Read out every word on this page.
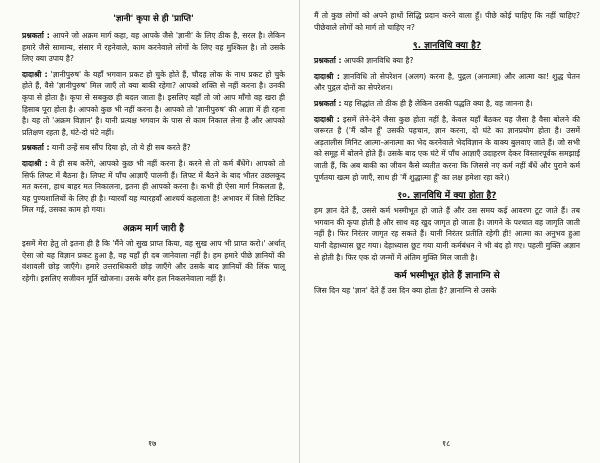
'ज्ञानी' कृपा से ही 'प्राप्ति'

प्रश्नकर्ता : आपने जो अक्रम मार्ग कहा, वह आपके जैसे 'ज्ञानी' के लिए ठीक है, सरल है। लेकिन हमारे जैसे सामान्य, संसार में रहनेवाले, काम करनेवाले लोगों के लिए वह मुश्किल है। तो उसके लिए क्या उपाय है?

दादाश्री : 'ज्ञानीपुरुष' के यहाँ भगवान प्रकट हो चुके होते हैं, चौदह लोक के नाथ प्रकट हो चुके होते हैं, वैसे 'ज्ञानीपुरुष' मिल जाएँ तो क्या बाकी रहेगा? आपको शक्ति से नहीं करना है। उनकी कृपा से होता है। कृपा से सबकुछ ही बदल जाता है। इसलिए यहाँ तो जो आप माँगो वह खरा ही हिसाब पूरा होता है। आपको कुछ भी नहीं करना है। आपको तो 'ज्ञानीपुरुष' की आज्ञा में ही रहना है। यह तो 'अक्रम विज्ञान' है। यानी प्रत्यक्ष भगवान के पास से काम निकाल लेना है और आपको प्रतिक्षण रहता है, घंटे-दो घंटे नहीं।

प्रश्नकर्ता : यानी उन्हें सब सौंप दिया हो, तो ये ही सब करते हैं?

दादाश्री : वे ही सब करेंगे, आपको कुछ भी नहीं करना है। करने से तो कर्म बँधेंगे। आपको तो सिर्फ लिफ्ट में बैठना है। लिफ्ट में पाँच आज्ञाएँ पालनी हैं। लिफ्ट में बैठने के बाद भीतर उछलकूद मत करना, हाथ बाहर मत निकालना, इतना ही आपको करना है। कभी ही ऐसा मार्ग निकलता है, यह पुण्यशालियों के लिए ही है। ग्यारवाँ यह ग्यारहवाँ आश्चर्य कहलाता है! अभावर में जिसे टिकिट मिल गई, उसका काम हो गया।

अक्रम मार्ग जारी है

इसमें मेरा हेतु तो इतना ही है कि 'मैंने जो सुख प्राप्त किया, वह सुख आप भी प्राप्त करो।' अर्थात् ऐसा जो यह विज्ञान प्रकट हुआ है, वह यहाँ ही दब जानेवाला नहीं है। हम हमारे पीछे ज्ञानियों की वंशावली छोड़ जाएँगे। हमारे उत्तराधिकारी छोड़ जाएँगे और उसके बाद ज्ञानियों की लिंक चालू रहेगी। इसलिए सजीवन मूर्ति खोजना। उसके बगैर हल निकलनेवाला नहीं है।

१७

मैं तो कुछ लोगों को अपने हाथों सिद्धि प्रदान करने वाला हूँ। पीछे कोई चाहिए कि नहीं चाहिए? पीछेवाले लोगों को मार्ग तो चाहिए न?

९. ज्ञानविधि क्या है?

प्रश्नकर्ता : आपकी ज्ञानविधि क्या है?

दादाश्री : ज्ञानविधि तो सेपरेशन (अलग) करना है, पुद्गल (अनात्मा) और आत्मा का! शुद्ध चेतन और पुद्गल दोनों का सेपरेशन।

प्रश्नकर्ता : यह सिद्धांत तो ठीक ही है लेकिन उसकी पद्धति क्या है, वह जानना है।

दादाश्री : इसमें लेने-देने जैसा कुछ होता नहीं है, केवल यहाँ बैठकर यह जैसा है वैसा बोलने की जरूरत है ('मैं कौन हूँ' उसकी पहचान, ज्ञान करना, दो घंटे का ज्ञानप्रयोग होता है। उसमें अड़तालीस मिनिट आत्मा-अनात्मा का भेद करनेवाले भेदविज्ञान के वाक्य बुलवाए जाते हैं। जो सभी को समूह में बोलने होते हैं। उसके बाद एक घंटे में पाँच आज्ञाएँ उदाहरण देकर विस्तारपूर्वक समझाई जाती हैं, कि अब बाकी का जीवन कैसे व्यतीत करना कि जिससे नए कर्म नहीं बँधें और पुराने कर्म पूर्णतया खत्म हो जाएँ, साथ ही 'मैं शुद्धात्मा हूँ' का लक्ष हमेशा रहा करे।)

१०. ज्ञानविधि में क्या होता है?

हम ज्ञान देते हैं, उससे कर्म भस्मीभूत हो जाते हैं और उस समय कई आवरण टूट जाते हैं। तब भगवान की कृपा होती है और साथ वह खुद जागृत हो जाता है। जागने के पश्चात वह जागृति जाती नहीं है। फिर निरंतर जागृत रह सकते हैं। यानी निरंतर प्रतीति रहेगी ही! आत्मा का अनुभव हुआ यानी देहाध्यास छूट गया। देहाध्यास छूट गया यानी कर्मबंधन ने भी बंद हो गए। पहली मुक्ति अज्ञान से होती है। फिर एक दो जन्मों में अंतिम मुक्ति मिल जाती है।

कर्म भस्मीभूत होते हैं ज्ञानाग्नि से

जिस दिन यह 'ज्ञान' देते हैं उस दिन क्या होता है? ज्ञानाग्नि से उसके

१८
